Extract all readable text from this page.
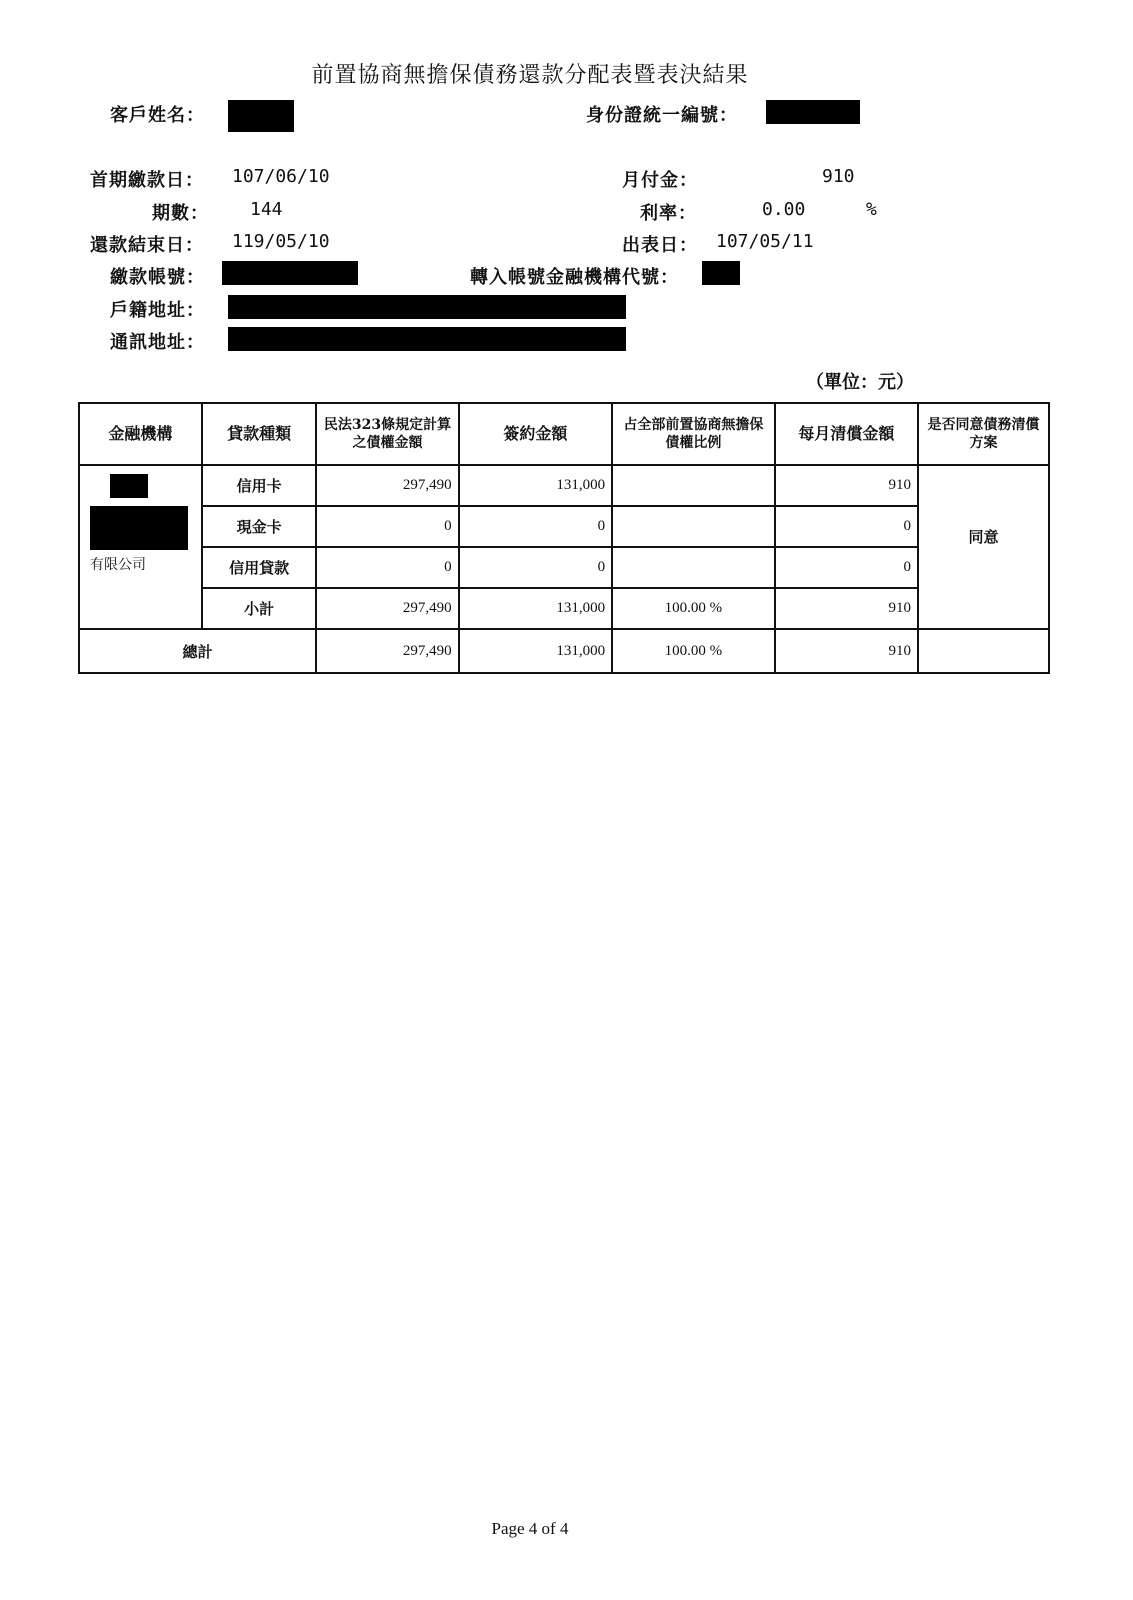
前置協商無擔保債務還款分配表暨表決結果
客戶姓名：	身份證統一編號：
首期繳款日： 107/06/10	月付金：	910
期數： 144	利率：	0.00	%
還款結束日： 119/05/10	出表日： 107/05/11
繳款帳號：	轉入帳號金融機構代號：
戶籍地址：
通訊地址：
（單位：元）
金融機構	貸款種類	民法323條規定計算之債權金額	簽約金額	占全部前置協商無擔保債權比例	每月清償金額	是否同意債務清償方案

有限公司	信用卡	297,490	131,000		910	同意
	現金卡	0	0		0	
	信用貸款	0	0		0	
	小計	297,490	131,000	100.00 %	910	
總計		297,490	131,000	100.00 %	910	
Page 4 of 4
